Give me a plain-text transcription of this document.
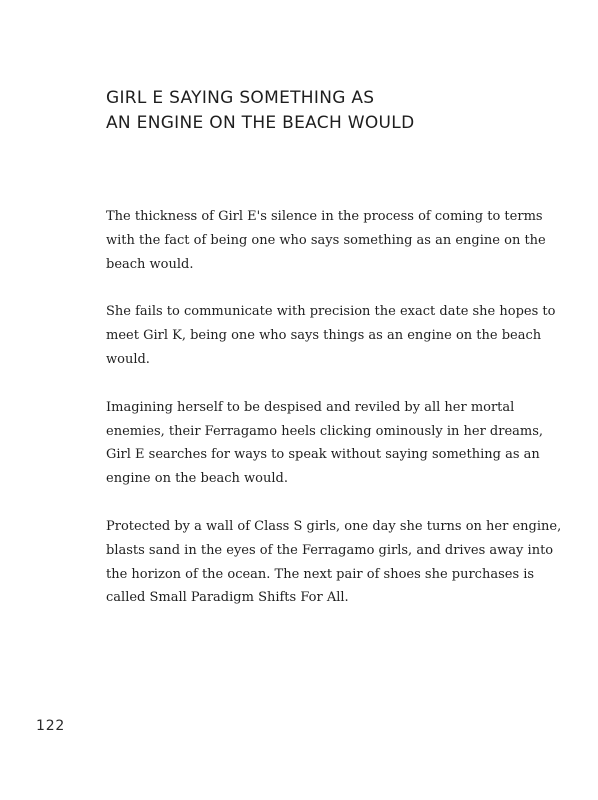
GIRL E SAYING SOMETHING AS
AN ENGINE ON THE BEACH WOULD

The thickness of Girl E's silence in the process of coming to terms
with the fact of being one who says something as an engine on the
beach would.

She fails to communicate with precision the exact date she hopes to
meet Girl K, being one who says things as an engine on the beach
would.

Imagining herself to be despised and reviled by all her mortal
enemies, their Ferragamo heels clicking ominously in her dreams,
Girl E searches for ways to speak without saying something as an
engine on the beach would.

Protected by a wall of Class S girls, one day she turns on her engine,
blasts sand in the eyes of the Ferragamo girls, and drives away into
the horizon of the ocean. The next pair of shoes she purchases is
called Small Paradigm Shifts For All.

122
